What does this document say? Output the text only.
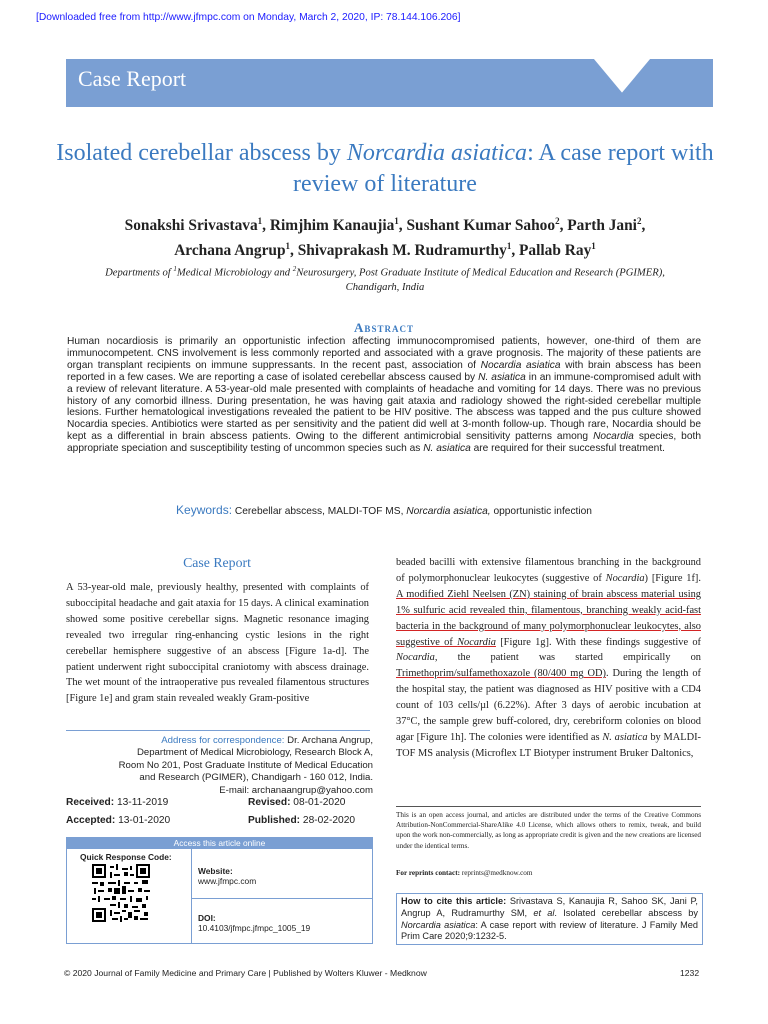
[Downloaded free from http://www.jfmpc.com on Monday, March 2, 2020, IP: 78.144.106.206]
Case Report
Isolated cerebellar abscess by Norcardia asiatica: A case report with review of literature
Sonakshi Srivastava$^1$, Rimjhim Kanaujia$^1$, Sushant Kumar Sahoo$^2$, Parth Jani$^2$,
Archana Angrup$^1$, Shivaprakash M. Rudramurthy$^1$, Pallab Ray$^1$
Departments of $^1$Medical Microbiology and $^2$Neurosurgery, Post Graduate Institute of Medical Education and Research (PGIMER), Chandigarh, India
Abstract
Human nocardiosis is primarily an opportunistic infection affecting immunocompromised patients, however, one-third of them are immunocompetent. CNS involvement is less commonly reported and associated with a grave prognosis. The majority of these patients are organ transplant recipients on immune suppressants. In the recent past, association of Nocardia asiatica with brain abscess has been reported in a few cases. We are reporting a case of isolated cerebellar abscess caused by N. asiatica in an immune-compromised adult with a review of relevant literature. A 53-year-old male presented with complaints of headache and vomiting for 14 days. There was no previous history of any comorbid illness. During presentation, he was having gait ataxia and radiology showed the right-sided cerebellar multiple lesions. Further hematological investigations revealed the patient to be HIV positive. The abscess was tapped and the pus culture showed Nocardia species. Antibiotics were started as per sensitivity and the patient did well at 3-month follow-up. Though rare, Nocardia should be kept as a differential in brain abscess patients. Owing to the different antimicrobial sensitivity patterns among Nocardia species, both appropriate speciation and susceptibility testing of uncommon species such as N. asiatica are required for their successful treatment.
Keywords: Cerebellar abscess, MALDI-TOF MS, Norcardia asiatica, opportunistic infection
Case Report
A 53-year-old male, previously healthy, presented with complaints of suboccipital headache and gait ataxia for 15 days. A clinical examination showed some positive cerebellar signs. Magnetic resonance imaging revealed two irregular ring-enhancing cystic lesions in the right cerebellar hemisphere suggestive of an abscess [Figure 1a-d]. The patient underwent right suboccipital craniotomy with abscess drainage. The wet mount of the intraoperative pus revealed filamentous structures [Figure 1e] and gram stain revealed weakly Gram-positive
beaded bacilli with extensive filamentous branching in the background of polymorphonuclear leukocytes (suggestive of Nocardia) [Figure 1f]. A modified Ziehl Neelsen (ZN) staining of brain abscess material using 1% sulfuric acid revealed thin, filamentous, branching weakly acid-fast bacteria in the background of many polymorphonuclear leukocytes, also suggestive of Nocardia [Figure 1g]. With these findings suggestive of Nocardia, the patient was started empirically on Trimethoprim/sulfamethoxazole (80/400 mg OD). During the length of the hospital stay, the patient was diagnosed as HIV positive with a CD4 count of 103 cells/µl (6.22%). After 3 days of aerobic incubation at 37°C, the sample grew buff-colored, dry, cerebriform colonies on blood agar [Figure 1h]. The colonies were identified as N. asiatica by MALDI-TOF MS analysis (Microflex LT Biotyper instrument Bruker Daltonics,
Address for correspondence: Dr. Archana Angrup,
Department of Medical Microbiology, Research Block A,
Room No 201, Post Graduate Institute of Medical Education
and Research (PGIMER), Chandigarh - 160 012, India.
E-mail: archanaangrup@yahoo.com
Received: 13-11-2019	Revised: 08-01-2020
Accepted: 13-01-2020	Published: 28-02-2020
Access this article online
Quick Response Code:
Website:
www.jfmpc.com
DOI:
10.4103/jfmpc.jfmpc_1005_19
This is an open access journal, and articles are distributed under the terms of the Creative Commons Attribution-NonCommercial-ShareAlike 4.0 License, which allows others to remix, tweak, and build upon the work non-commercially, as long as appropriate credit is given and the new creations are licensed under the identical terms.
For reprints contact: reprints@medknow.com
How to cite this article: Srivastava S, Kanaujia R, Sahoo SK, Jani P, Angrup A, Rudramurthy SM, et al. Isolated cerebellar abscess by Norcardia asiatica: A case report with review of literature. J Family Med Prim Care 2020;9:1232-5.
© 2020 Journal of Family Medicine and Primary Care | Published by Wolters Kluwer - Medknow	1232
